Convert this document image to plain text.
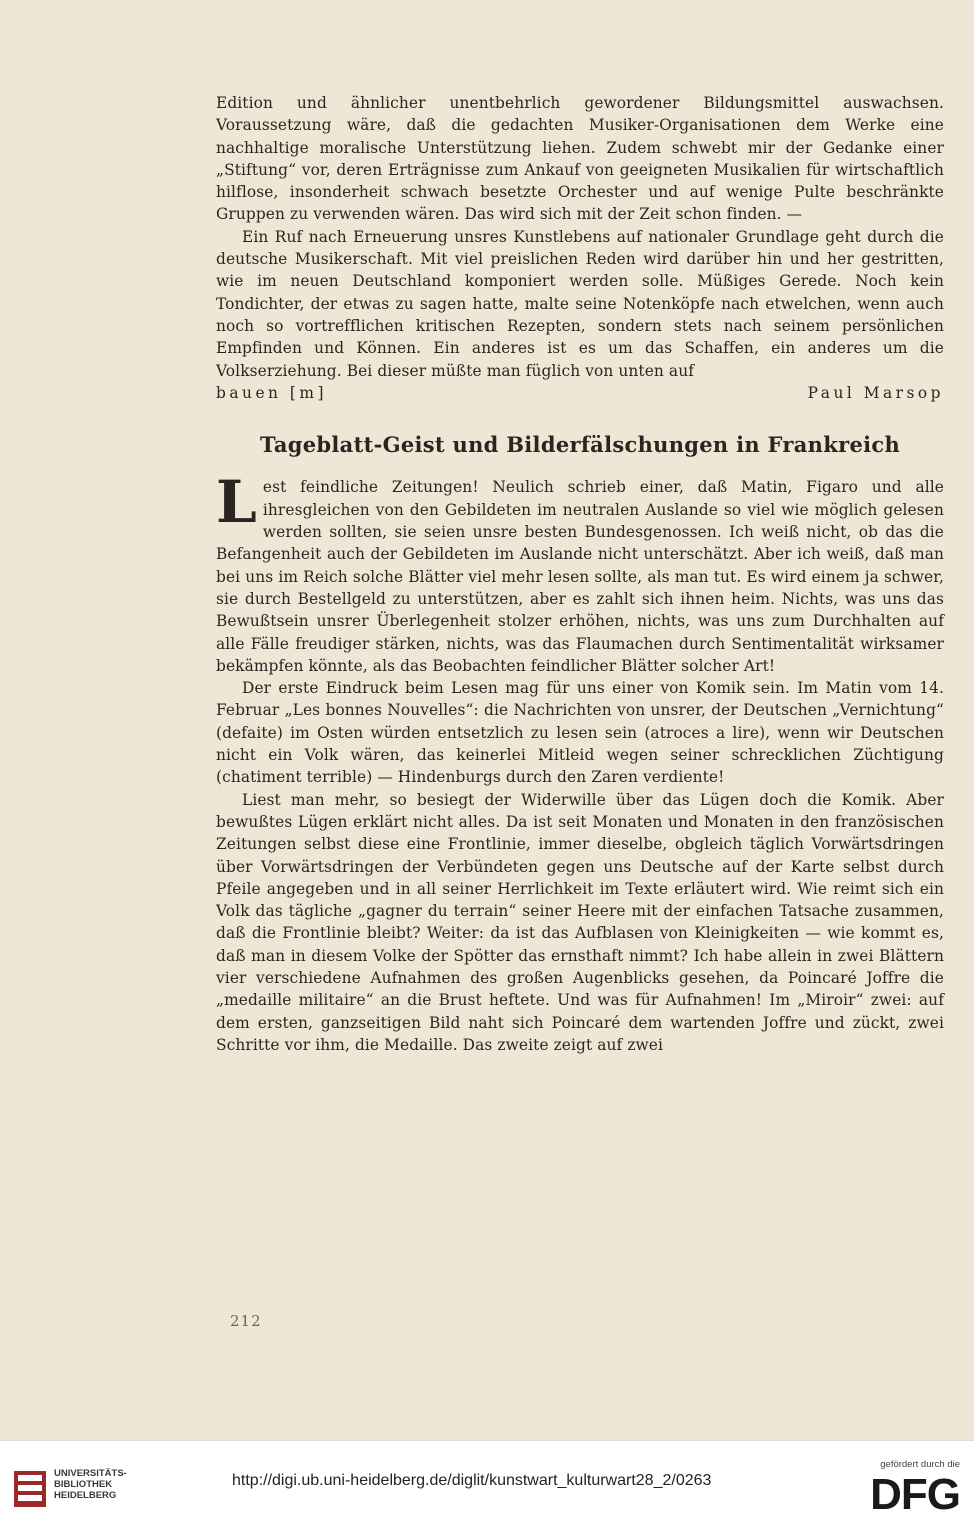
Edition und ähnlicher unentbehrlich gewordener Bildungsmittel auswachsen. Voraussetzung wäre, daß die gedachten Musiker-Organisationen dem Werke eine nachhaltige moralische Unterstützung liehen. Zudem schwebt mir der Gedanke einer „Stiftung“ vor, deren Erträgnisse zum Ankauf von geeigneten Musikalien für wirtschaftlich hilflose, insonderheit schwach besetzte Orchester und auf wenige Pulte beschränkte Gruppen zu verwenden wären. Das wird sich mit der Zeit schon finden. —

Ein Ruf nach Erneuerung unsres Kunstlebens auf nationaler Grundlage geht durch die deutsche Musikerschaft. Mit viel preislichen Reden wird darüber hin und her gestritten, wie im neuen Deutschland komponiert werden solle. Müßiges Gerede. Noch kein Tondichter, der etwas zu sagen hatte, malte seine Notenköpfe nach etwelchen, wenn auch noch so vortrefflichen kritischen Rezepten, sondern stets nach seinem persönlichen Empfinden und Können. Ein anderes ist es um das Schaffen, ein anderes um die Volkserziehung. Bei dieser müßte man füglich von unten auf

bauen [m]	Paul Marsop
Tageblatt-Geist und Bilderfälschungen in Frankreich

Lest feindliche Zeitungen! Neulich schrieb einer, daß Matin, Figaro und alle ihresgleichen von den Gebildeten im neutralen Auslande so viel wie möglich gelesen werden sollten, sie seien unsre besten Bundesgenossen. Ich weiß nicht, ob das die Befangenheit auch der Gebildeten im Auslande nicht unterschätzt. Aber ich weiß, daß man bei uns im Reich solche Blätter viel mehr lesen sollte, als man tut. Es wird einem ja schwer, sie durch Bestellgeld zu unterstützen, aber es zahlt sich ihnen heim. Nichts, was uns das Bewußtsein unsrer Überlegenheit stolzer erhöhen, nichts, was uns zum Durchhalten auf alle Fälle freudiger stärken, nichts, was das Flaumachen durch Sentimentalität wirksamer bekämpfen könnte, als das Beobachten feindlicher Blätter solcher Art!

Der erste Eindruck beim Lesen mag für uns einer von Komik sein. Im Matin vom 14. Februar „Les bonnes Nouvelles“: die Nachrichten von unsrer, der Deutschen „Vernichtung“ (defaite) im Osten würden entsetzlich zu lesen sein (atroces a lire), wenn wir Deutschen nicht ein Volk wären, das keinerlei Mitleid wegen seiner schrecklichen Züchtigung (chatiment terrible) — Hindenburgs durch den Zaren verdiente!

Liest man mehr, so besiegt der Widerwille über das Lügen doch die Komik. Aber bewußtes Lügen erklärt nicht alles. Da ist seit Monaten und Monaten in den französischen Zeitungen selbst diese eine Frontlinie, immer dieselbe, obgleich täglich Vorwärtsdringen über Vorwärtsdringen der Verbündeten gegen uns Deutsche auf der Karte selbst durch Pfeile angegeben und in all seiner Herrlichkeit im Texte erläutert wird. Wie reimt sich ein Volk das tägliche „gagner du terrain“ seiner Heere mit der einfachen Tatsache zusammen, daß die Frontlinie bleibt? Weiter: da ist das Aufblasen von Kleinigkeiten — wie kommt es, daß man in diesem Volke der Spötter das ernsthaft nimmt? Ich habe allein in zwei Blättern vier verschiedene Aufnahmen des großen Augenblicks gesehen, da Poincaré Joffre die „medaille militaire“ an die Brust heftete. Und was für Aufnahmen! Im „Miroir“ zwei: auf dem ersten, ganzseitigen Bild naht sich Poincaré dem wartenden Joffre und zückt, zwei Schritte vor ihm, die Medaille. Das zweite zeigt auf zwei

212
UNIVERSITÄTS-
BIBLIOTHEK
HEIDELBERG
http://digi.ub.uni-heidelberg.de/diglit/kunstwart_kulturwart28_2/0263
gefördert durch die
DFG
